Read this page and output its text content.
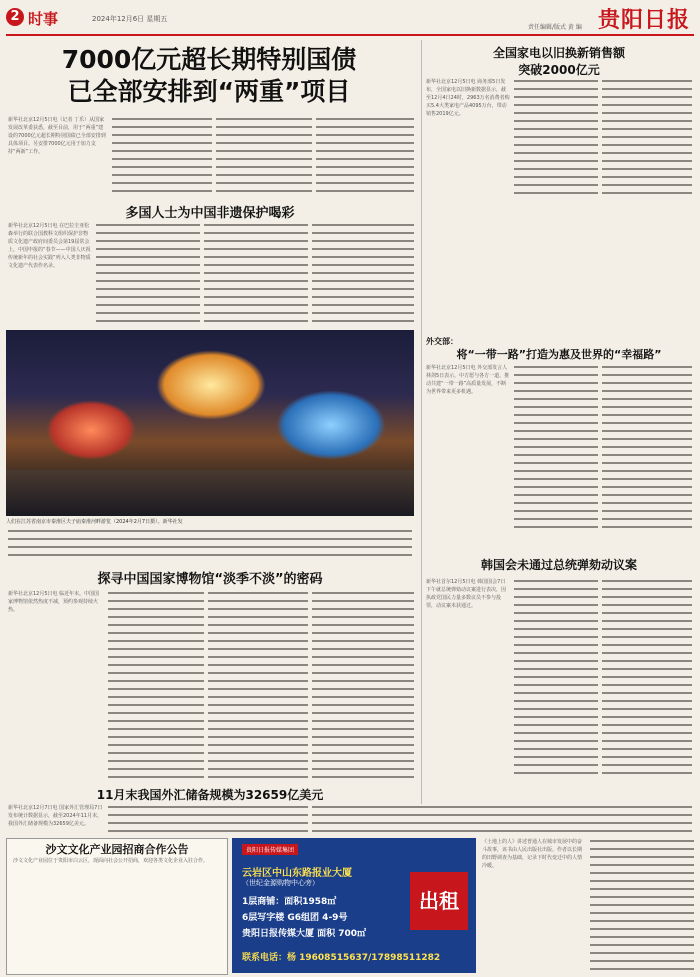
2 时事	2024年12月6日 星期五
责任编辑/版式 黄 编 贵阳日报
7000亿元超长期特别国债
已全部安排到“两重”项目
新华社北京12月5日电（记者 丁乐）从国家发展改革委获悉，截至目前，用于“两重”建设的7000亿元超长期特别国债已全部安排到具体项目。另安排7000亿元用于加力支持“两新”工作。
全国家电以旧换新销售额
突破2000亿元
新华社北京12月5日电 商务部5日发布，全国家电以旧换新数据显示，截至12月4日24时，2963万名消费者购买5.4大类家电产品4095万台，带动销售2019亿元。
外交部：
将“一带一路”打造为惠及世界的“幸福路”
新华社北京12月5日电 外交部发言人林剑5日表示，中方愿与各方一道，推动共建“一带一路”高质量发展，不断为世界带来更多机遇。
多国人士为中国非遗保护喝彩
新华社北京12月5日电 在巴拉圭亚松森举行的联合国教科文组织保护非物质文化遗产政府间委员会第19届常会上，中国申报的“春节——中国人庆祝传统新年的社会实践”列入人类非物质文化遗产代表作名录。
人们在江苏省南京市秦淮区夫子庙秦淮河畔游览（2024年2月7日摄）。新华社发
探寻中国国家博物馆“淡季不淡”的密码
新华社北京12月5日电 临近年末，中国国家博物馆依然热度不减，预约参观持续火热。
韩国会未通过总统弹劾动议案
新华社首尔12月5日电 韩国国会7日下午就总统弹劾动议案进行表决，因执政党国民力量多数议员不参与投票，动议案未获通过。
11月末我国外汇储备规模为32659亿美元
新华社北京12月7日电 国家外汇管理局7日发布统计数据显示，截至2024年11月末，我国外汇储备规模为32659亿美元。
沙文文化产业园招商合作公告
沙文文化产业园位于贵阳市白云区，现面向社会公开招商，欢迎各类文化企业入驻合作。
贵阳日报传媒集团
云岩区中山东路报业大厦
（世纪金源购物中心旁）
1层商铺：面积1958㎡
6层写字楼 G6组团 4-9号
贵阳日报传媒大厦 面积 700㎡
联系电话：杨 19608515637/17898511282
出租
《土地上的人》讲述普通人在城市发展中的奋斗故事，该书由人民出版社出版。作者以长期的田野调查为基础，记录下时代变迁中的人情冷暖。
